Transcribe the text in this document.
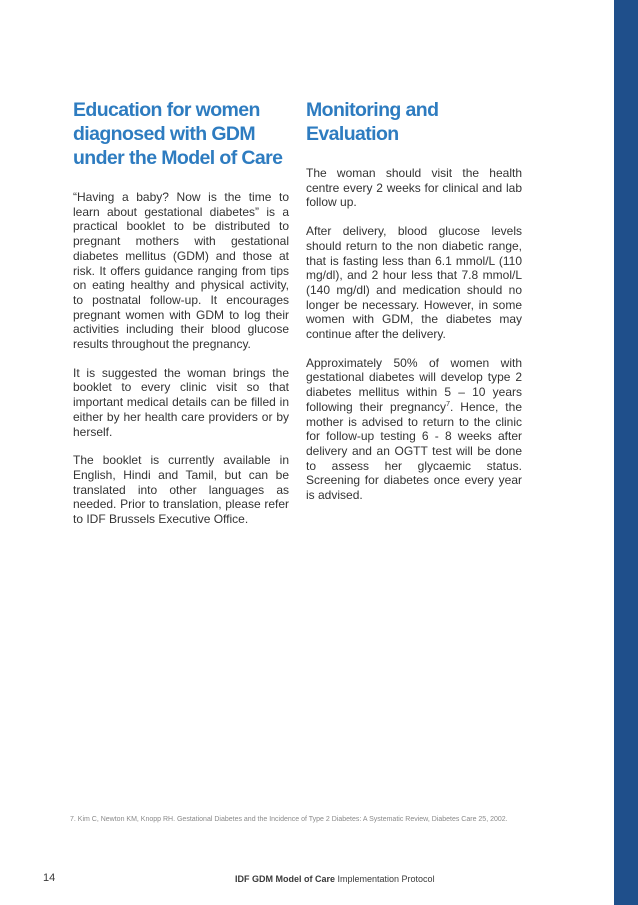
Education for women diagnosed with GDM under the Model of Care

“Having a baby? Now is the time to learn about gestational diabetes” is a practical booklet to be distributed to pregnant mothers with gestational diabetes mellitus (GDM) and those at risk. It offers guidance ranging from tips on eating healthy and physical activity, to postnatal follow-up. It encourages pregnant women with GDM to log their activities including their blood glucose results throughout the pregnancy.

It is suggested the woman brings the booklet to every clinic visit so that important medical details can be filled in either by her health care providers or by herself.

The booklet is currently available in English, Hindi and Tamil, but can be translated into other languages as needed. Prior to translation, please refer to IDF Brussels Executive Office.

Monitoring and Evaluation

The woman should visit the health centre every 2 weeks for clinical and lab follow up.

After delivery, blood glucose levels should return to the non diabetic range, that is fasting less than 6.1 mmol/L (110 mg/dl), and 2 hour less that 7.8 mmol/L (140 mg/dl) and medication should no longer be necessary. However, in some women with GDM, the diabetes may continue after the delivery.

Approximately 50% of women with gestational diabetes will develop type 2 diabetes mellitus within 5 – 10 years following their pregnancy$^7$. Hence, the mother is advised to return to the clinic for follow-up testing 6 - 8 weeks after delivery and an OGTT test will be done to assess her glycaemic status. Screening for diabetes once every year is advised.

7. Kim C, Newton KM, Knopp RH. Gestational Diabetes and the Incidence of Type 2 Diabetes: A Systematic Review, Diabetes Care 25, 2002.
14	IDF GDM Model of Care Implementation Protocol
